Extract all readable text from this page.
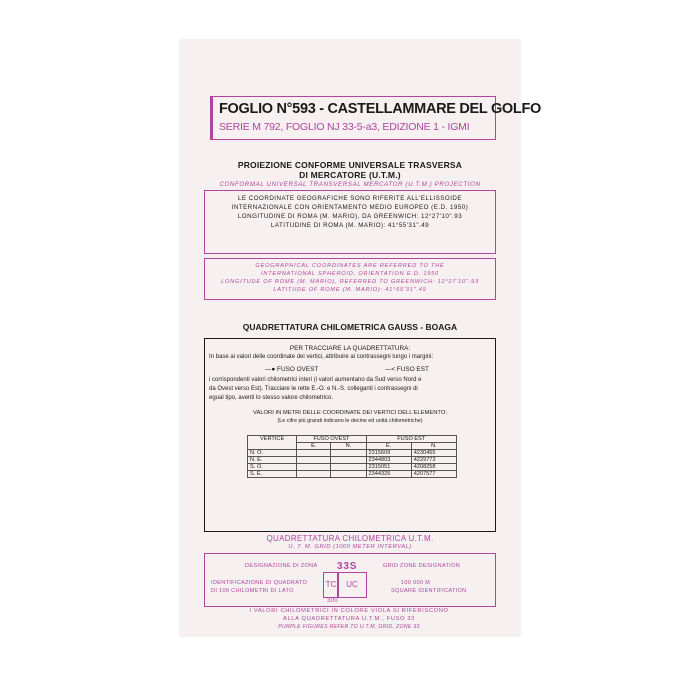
FOGLIO N°593 - CASTELLAMMARE DEL GOLFO
SERIE M 792, FOGLIO NJ 33-5-a3, EDIZIONE 1 - IGMI
PROIEZIONE CONFORME UNIVERSALE TRASVERSA
DI MERCATORE (U.T.M.)
CONFORMAL UNIVERSAL TRANSVERSAL MERCATOR (U.T.M.) PROJECTION
LE COORDINATE GEOGRAFICHE SONO RIFERITE ALL'ELLISSOIDE
INTERNAZIONALE CON ORIENTAMENTO MEDIO EUROPEO (E.D. 1950)
LONGITUDINE DI ROMA (M. MARIO), DA GREENWICH: 12°27'10".93
LATITUDINE DI ROMA (M. MARIO): 41°55'31".49
GEOGRAPHICAL COORDINATES ARE REFERRED TO THE
INTERNATIONAL SPHEROID, ORIENTATION E.D. 1950
LONGITUDE OF ROME (M. MARIO), REFERRED TO GREENWICH: 12°27'10".93
LATITUDE OF ROME (M. MARIO): 41°55'31".49
QUADRETTATURA CHILOMETRICA GAUSS - BOAGA
PER TRACCIARE LA QUADRETTATURA:
In base ai valori delle coordinate dei vertici, attribuire ai contrassegni lungo i margini:
—● FUSO OVEST	—< FUSO EST
i corrispondenti valori chilometrici interi (i valori aumentano da Sud verso Nord e
da Ovest verso Est). Tracciare le rette E.-O. e N.-S. colleganti i contrassegni di
egual tipo, aventi lo stesso valore chilometrico.
VALORI IN METRI DELLE COORDINATE DEI VERTICI DELL'ELEMENTO:
(Le cifre più grandi indicano le decine ed unità chilometriche)
VERTICE	FUSO OVEST		FUSO EST	
	E.	N.	E.	N.
N. O.			2315609	4230455
N. E.			2344803	4229773
S. O.			2315051	4208258
S. E.			2344325	4207577
QUADRETTATURA CHILOMETRICA U.T.M.
U. T. M. GRID (1000 METER INTERVAL)
DESIGNAZIONE DI ZONA 33S	GRID ZONE DESIGNATION
IDENTIFICAZIONE DI QUADRATO
DI 100 CHILOMETRI DI LATO
TC	UC
300
100 000 M
SQUARE IDENTIFICATION
I VALORI CHILOMETRICI IN COLORE VIOLA SI RIFERISCONO
ALLA QUADRETTATURA U.T.M., FUSO 33
PURPLE FIGURES REFER TO U.T.M. GRID, ZONE 33
